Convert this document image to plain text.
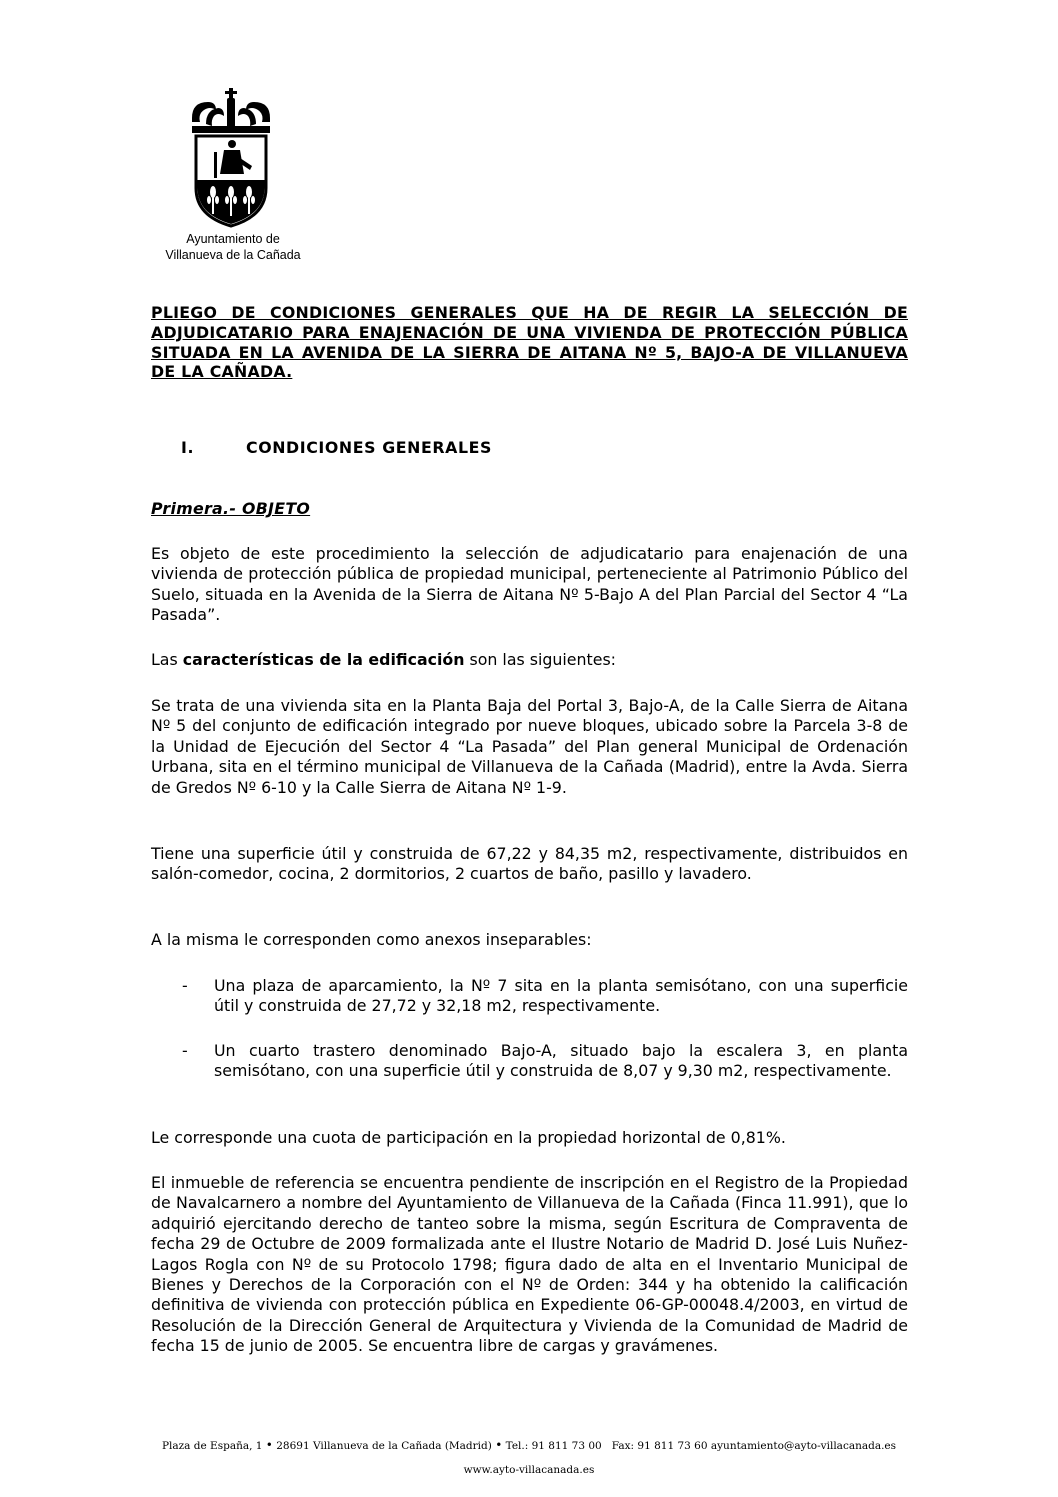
Ayuntamiento de
Villanueva de la Cañada
PLIEGO DE CONDICIONES GENERALES QUE HA DE REGIR LA SELECCIÓN DE ADJUDICATARIO PARA ENAJENACIÓN DE UNA VIVIENDA DE PROTECCIÓN PÚBLICA SITUADA EN LA AVENIDA DE LA SIERRA DE AITANA Nº 5, BAJO-A DE VILLANUEVA DE LA CAÑADA.
I.	CONDICIONES GENERALES
Primera.- OBJETO

Es objeto de este procedimiento la selección de adjudicatario para enajenación de una vivienda de protección pública de propiedad municipal, perteneciente al Patrimonio Público del Suelo, situada en la Avenida de la Sierra de Aitana Nº 5-Bajo A del Plan Parcial del Sector 4 “La Pasada”.

Las características de la edificación son las siguientes:

Se trata de una vivienda sita en la Planta Baja del Portal 3, Bajo-A, de la Calle Sierra de Aitana Nº 5 del conjunto de edificación integrado por nueve bloques, ubicado sobre la Parcela 3-8 de la Unidad de Ejecución del Sector 4 “La Pasada” del Plan general Municipal de Ordenación Urbana, sita en el término municipal de Villanueva de la Cañada (Madrid), entre la Avda. Sierra de Gredos Nº 6-10 y la Calle Sierra de Aitana Nº 1-9.

Tiene una superficie útil y construida de 67,22 y 84,35 m2, respectivamente, distribuidos en salón-comedor, cocina, 2 dormitorios, 2 cuartos de baño, pasillo y lavadero.

A la misma le corresponden como anexos inseparables:

- Una plaza de aparcamiento, la Nº 7 sita en la planta semisótano, con una superficie útil y construida de 27,72 y 32,18 m2, respectivamente.
- Un cuarto trastero denominado Bajo-A, situado bajo la escalera 3, en planta semisótano, con una superficie útil y construida de 8,07 y 9,30 m2, respectivamente.

Le corresponde una cuota de participación en la propiedad horizontal de 0,81%.

El inmueble de referencia se encuentra pendiente de inscripción en el Registro de la Propiedad de Navalcarnero a nombre del Ayuntamiento de Villanueva de la Cañada (Finca 11.991), que lo adquirió ejercitando derecho de tanteo sobre la misma, según Escritura de Compraventa de fecha 29 de Octubre de 2009 formalizada ante el Ilustre Notario de Madrid D. José Luis Nuñez-Lagos Rogla con Nº de su Protocolo 1798; figura dado de alta en el Inventario Municipal de Bienes y Derechos de la Corporación con el Nº de Orden: 344 y ha obtenido la calificación definitiva de vivienda con protección pública en Expediente 06-GP-00048.4/2003, en virtud de Resolución de la Dirección General de Arquitectura y Vivienda de la Comunidad de Madrid de fecha 15 de junio de 2005. Se encuentra libre de cargas y gravámenes.

Plaza de España, 1 • 28691 Villanueva de la Cañada (Madrid) • Tel.: 91 811 73 00 Fax: 91 811 73 60 ayuntamiento@ayto-villacanada.es
www.ayto-villacanada.es
